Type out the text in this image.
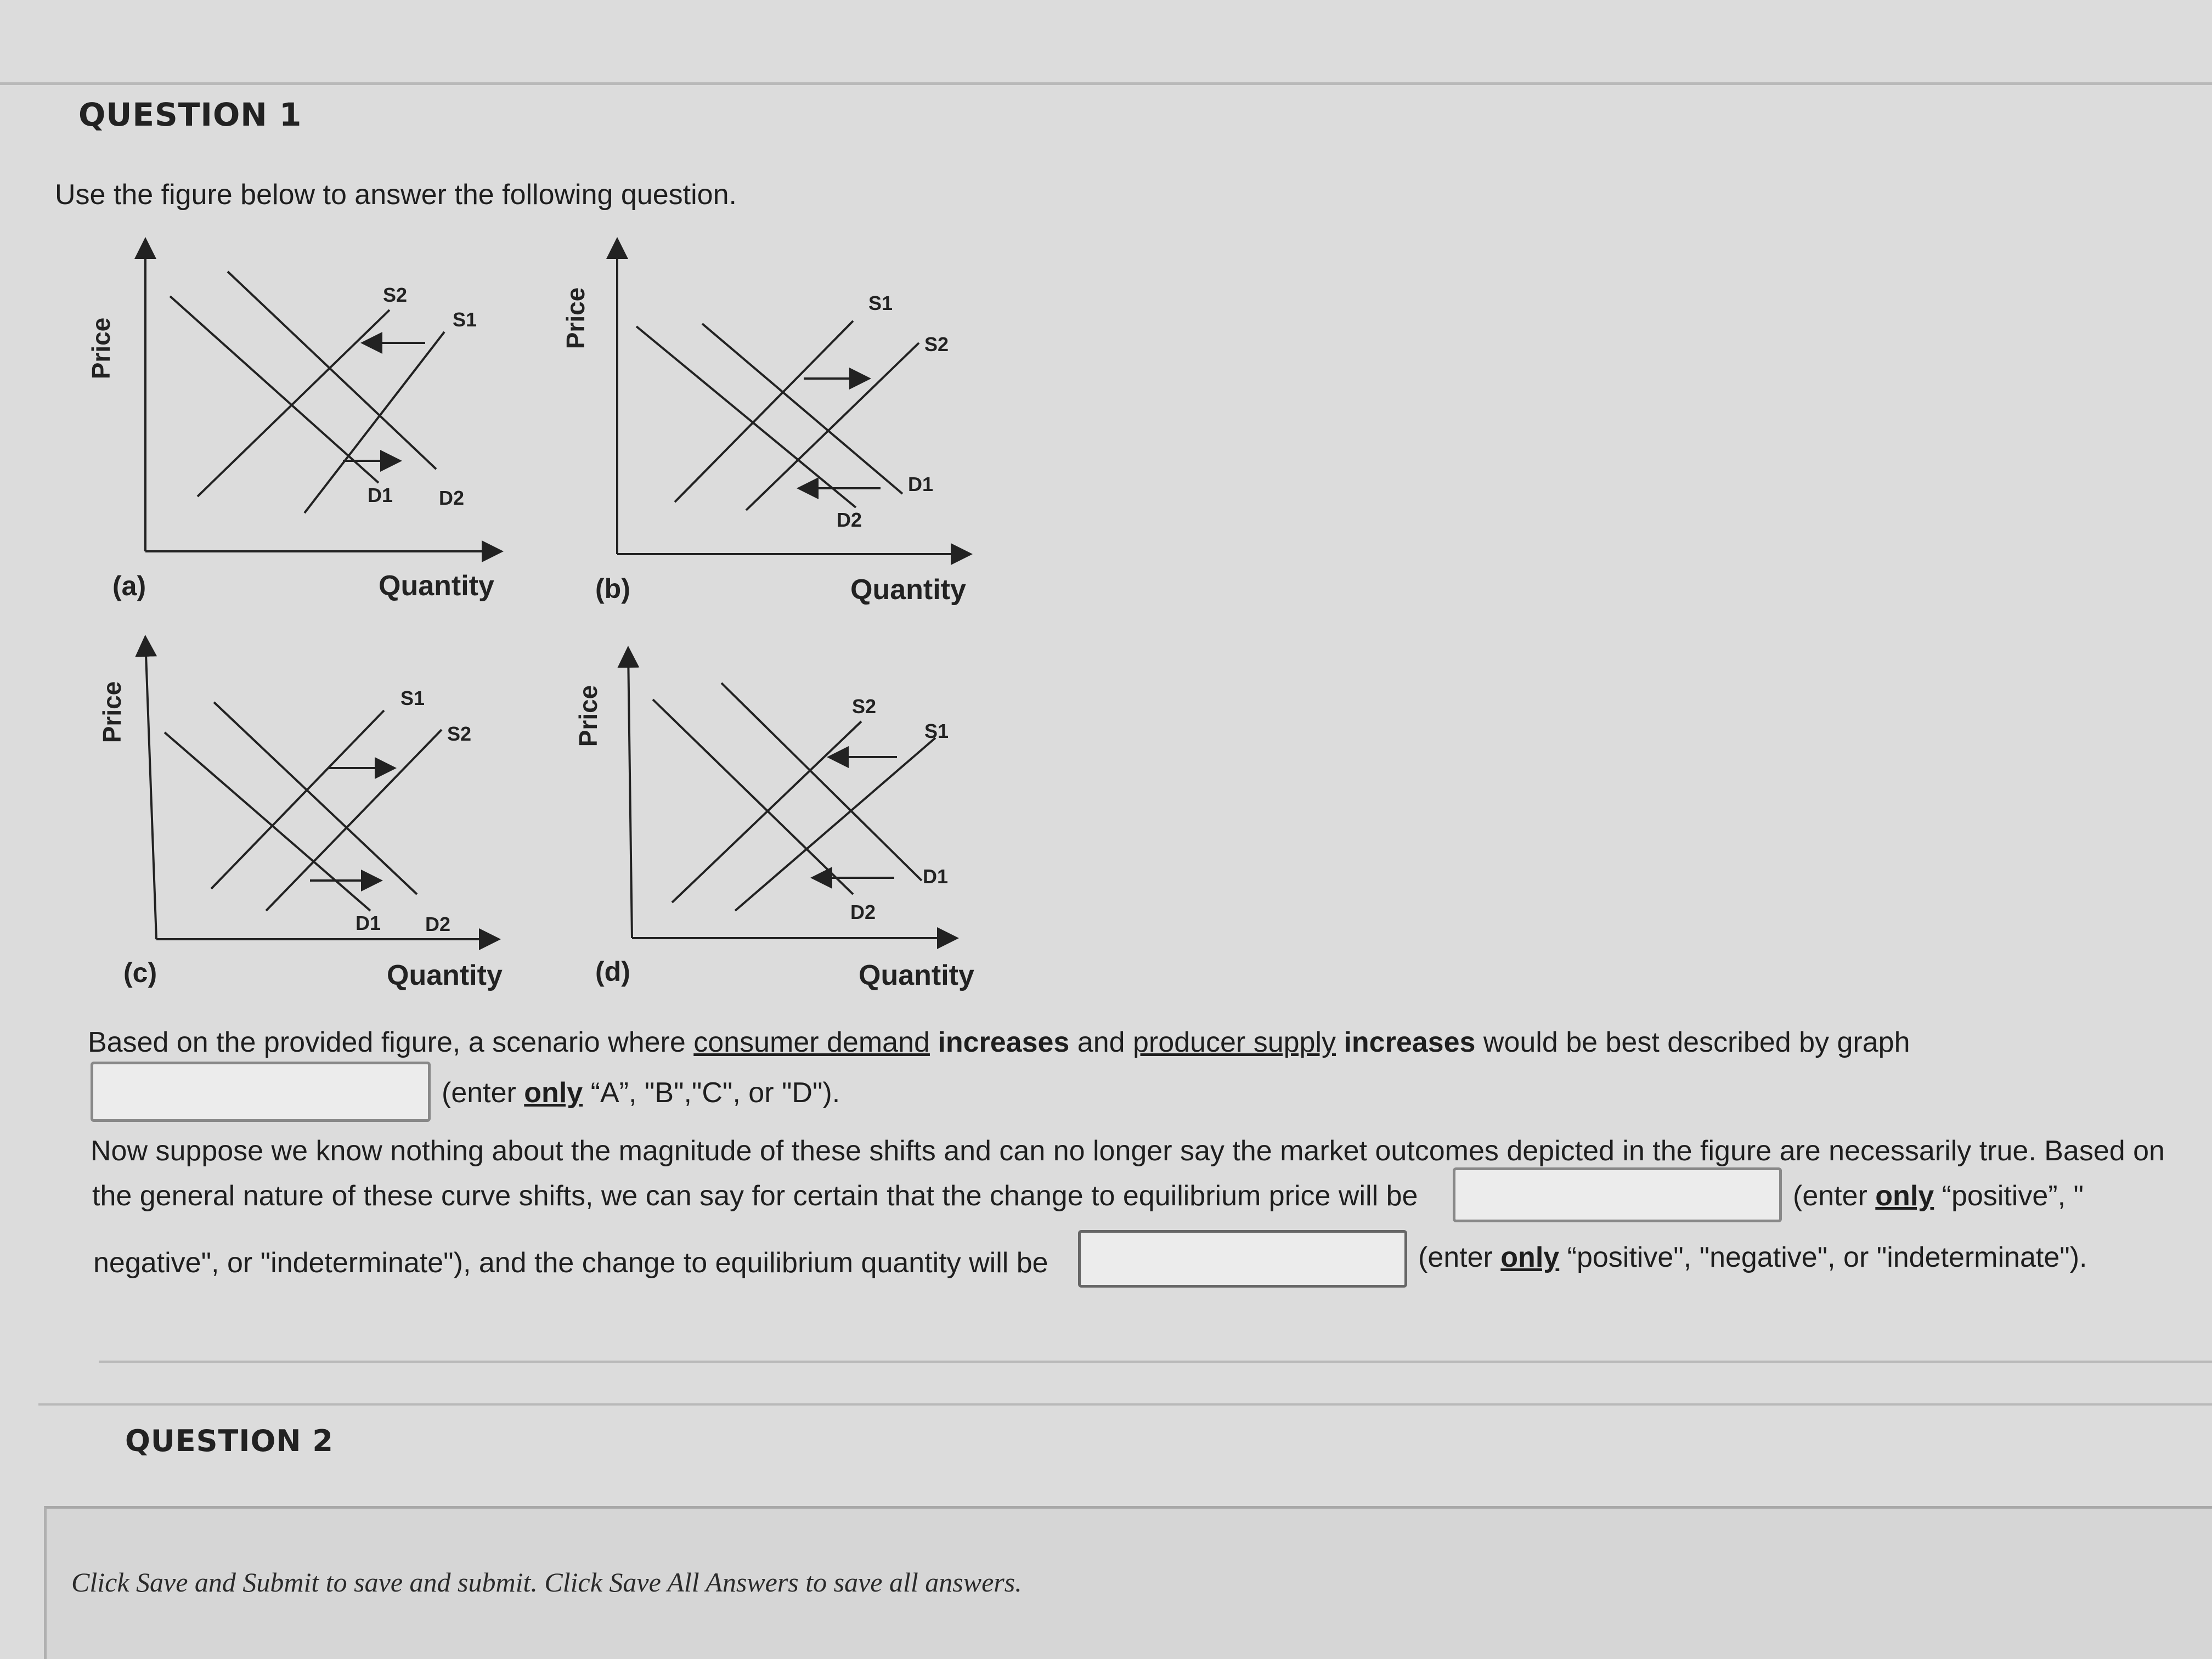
QUESTION 1
Use the figure below to answer the following question.
S2
S1
D1 D2
Price
(a)	Quantity
S1
S2
D1
D2
Price
(b)	Quantity
S1
S2
D1 D2
Price
(c)	Quantity
S2
S1
D1
D2
Price
(d)	Quantity
Based on the provided figure, a scenario where consumer demand increases and producer supply increases would be best described by graph
(enter only “A”, "B","C", or "D").
Now suppose we know nothing about the magnitude of these shifts and can no longer say the market outcomes depicted in the figure are necessarily true. Based on
the general nature of these curve shifts, we can say for certain that the change to equilibrium price will be	(enter only “positive”, "
negative", or "indeterminate"), and the change to equilibrium quantity will be	(enter only “positive", "negative", or "indeterminate").
QUESTION 2
Click Save and Submit to save and submit. Click Save All Answers to save all answers.
